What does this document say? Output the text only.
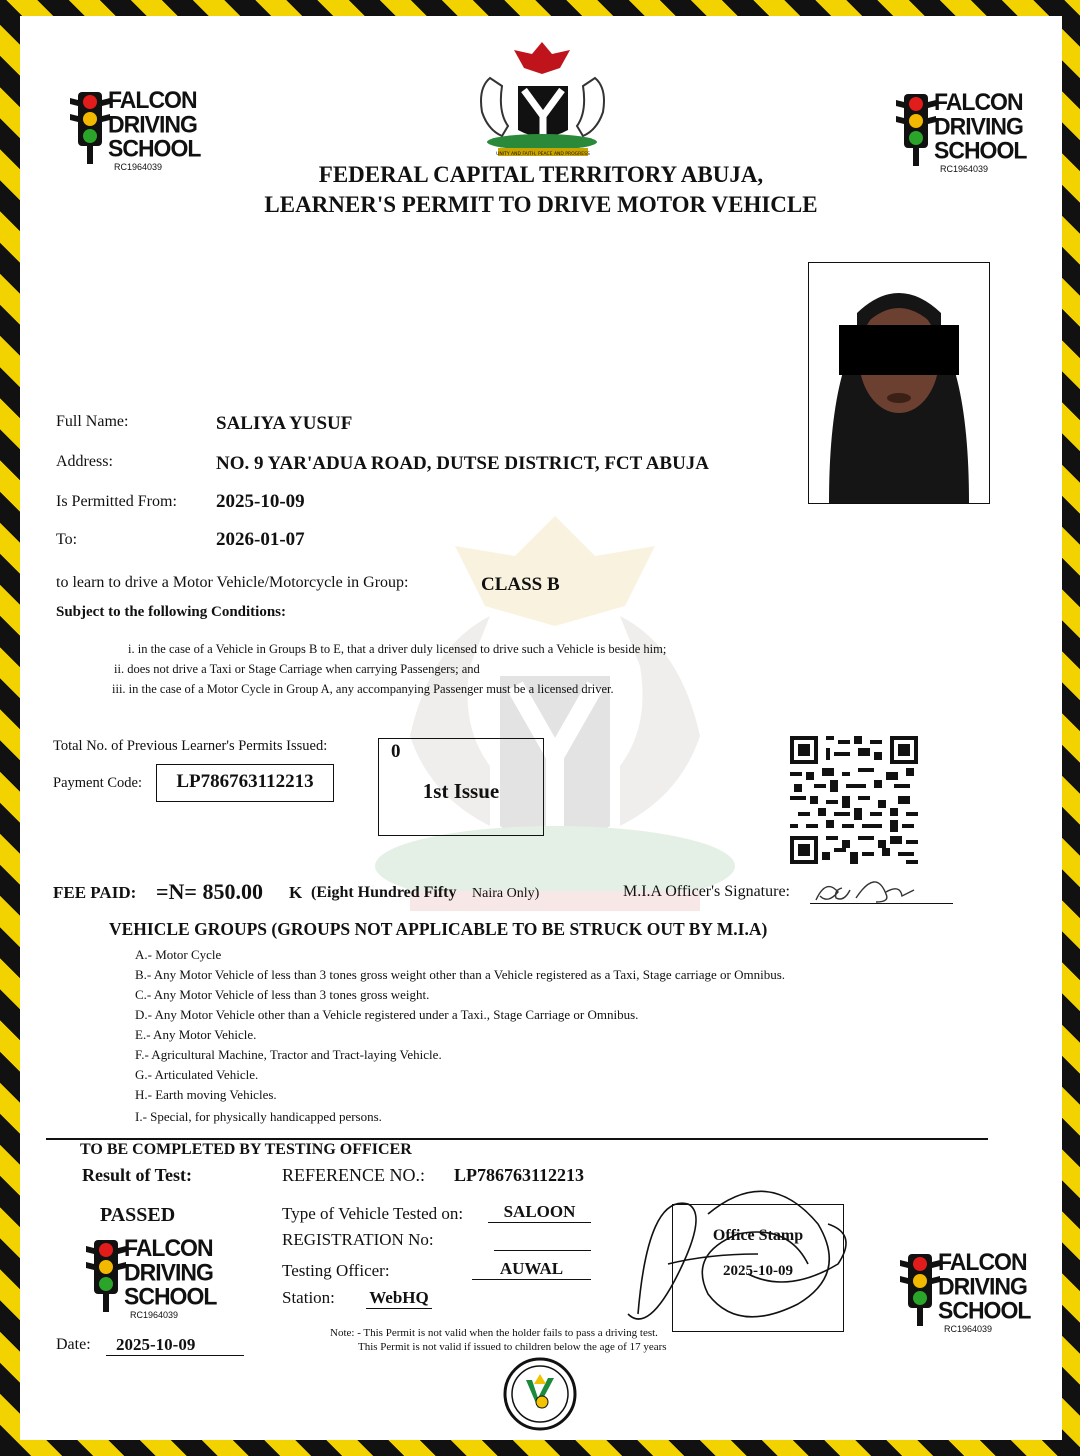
FALCON
DRIVING
SCHOOL
RC1964039
FALCON
DRIVING
SCHOOL
RC1964039
UNITY AND FAITH, PEACE AND PROGRESS
FEDERAL CAPITAL TERRITORY ABUJA,
LEARNER'S PERMIT TO DRIVE MOTOR VEHICLE
Full Name:	SALIYA YUSUF
Address:	NO. 9 YAR'ADUA ROAD, DUTSE DISTRICT, FCT ABUJA
Is Permitted From: 2025-10-09
To:	2026-01-07
to learn to drive a Motor Vehicle/Motorcycle in Group:	CLASS B
Subject to the following Conditions:
i. in the case of a Vehicle in Groups B to E, that a driver duly licensed to drive such a Vehicle is beside him;
ii. does not drive a Taxi or Stage Carriage when carrying Passengers; and
iii. in the case of a Motor Cycle in Group A, any accompanying Passenger must be a licensed driver.
Total No. of Previous Learner's Permits Issued:
Payment Code:	LP786763112213
0
1st Issue
FEE PAID: =N= 850.00 K (Eight Hundred Fifty Naira Only)	M.I.A Officer's Signature:
VEHICLE GROUPS (GROUPS NOT APPLICABLE TO BE STRUCK OUT BY M.I.A)
A.- Motor Cycle
B.- Any Motor Vehicle of less than 3 tones gross weight other than a Vehicle registered as a Taxi, Stage carriage or Omnibus.
C.- Any Motor Vehicle of less than 3 tones gross weight.
D.- Any Motor Vehicle other than a Vehicle registered under a Taxi., Stage Carriage or Omnibus.
E.- Any Motor Vehicle.
F.- Agricultural Machine, Tractor and Tract-laying Vehicle.
G.- Articulated Vehicle.
H.- Earth moving Vehicles.
I.- Special, for physically handicapped persons.
TO BE COMPLETED BY TESTING OFFICER
Result of Test:
PASSED
FALCON
DRIVING
SCHOOL
RC1964039
Date:	2025-10-09
REFERENCE NO.: LP786763112213
Type of Vehicle Tested on:	SALOON
REGISTRATION No:
Testing Officer:	AUWAL
Station: WebHQ
Office Stamp
2025-10-09	FALCON
DRIVING
SCHOOL
RC1964039
Note: - This Permit is not valid when the holder fails to pass a driving test.
This Permit is not valid if issued to children below the age of 17 years
